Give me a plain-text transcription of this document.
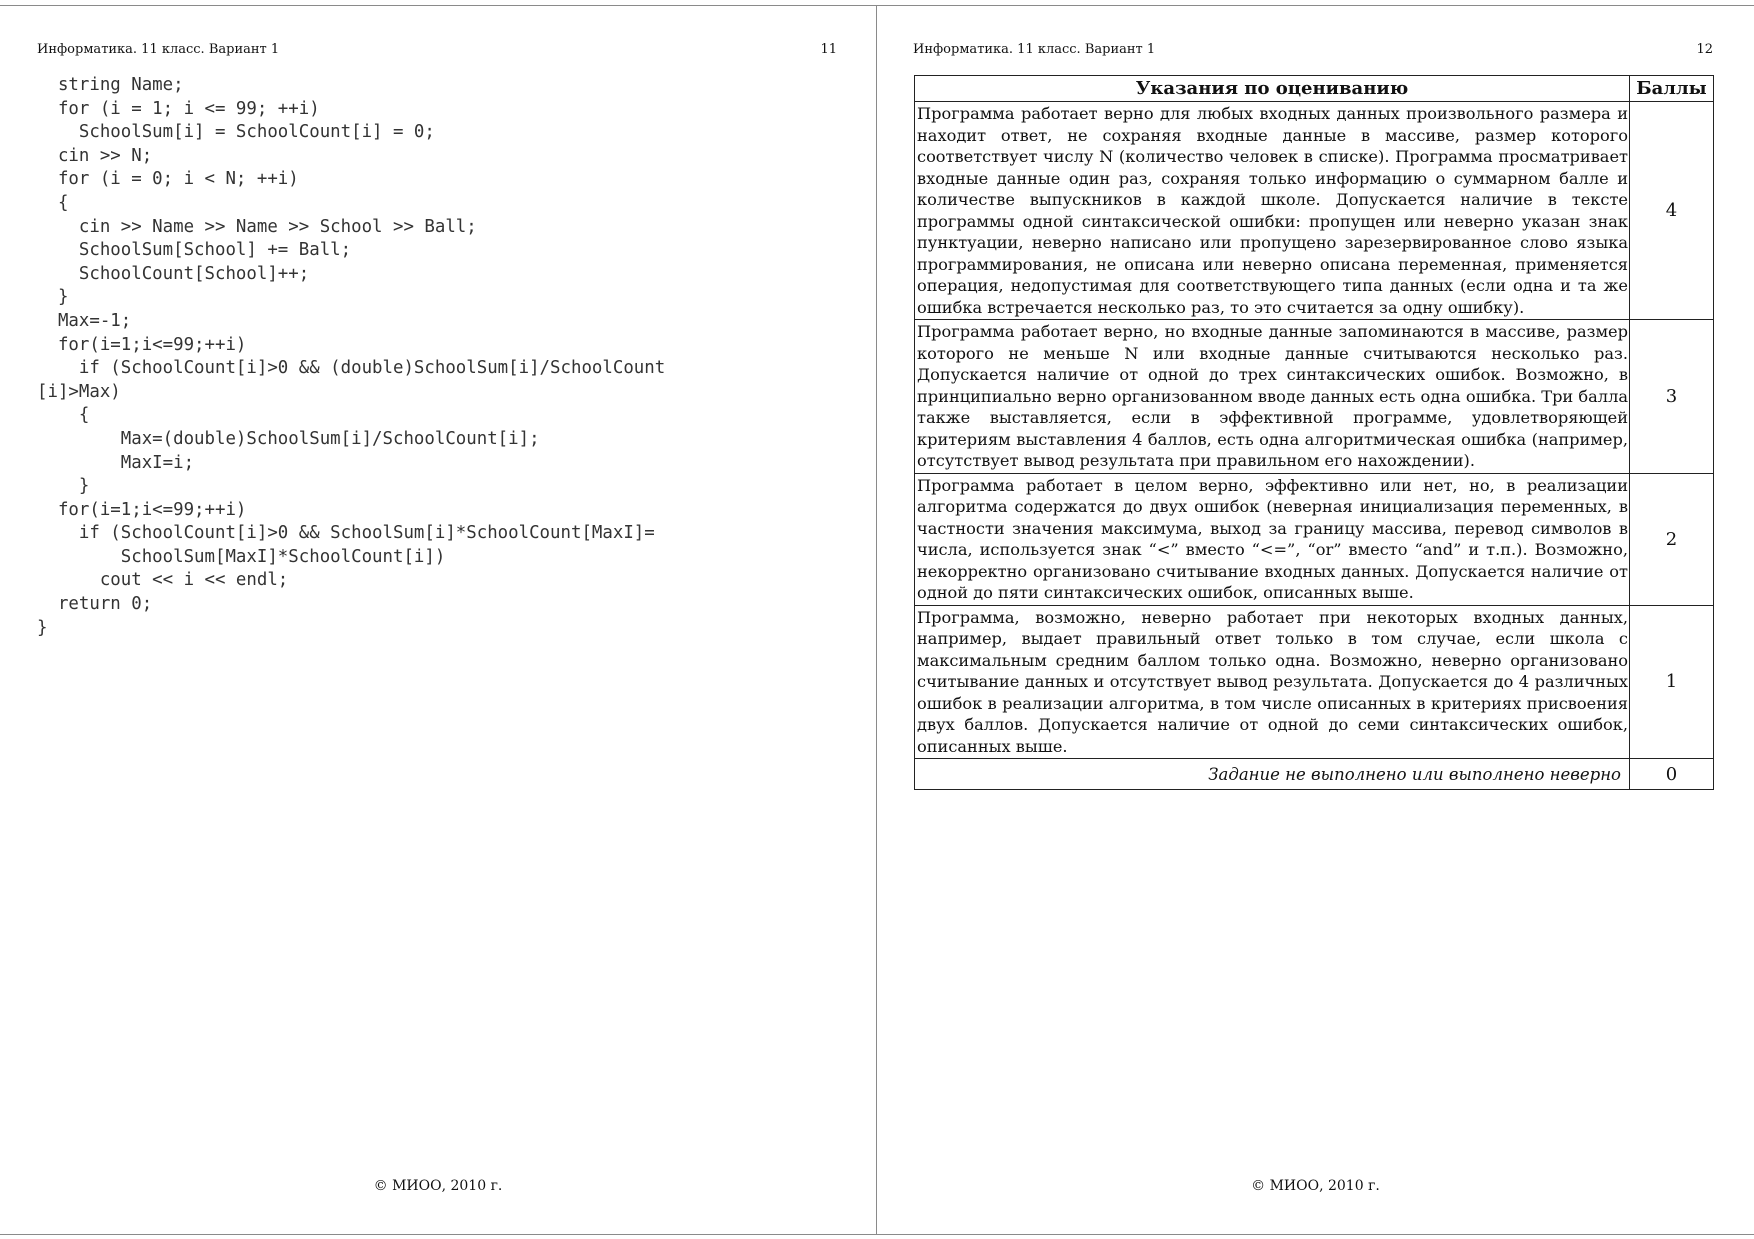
Информатика. 11 класс. Вариант 1	11
string Name;
for (i = 1; i <= 99; ++i)
SchoolSum[i] = SchoolCount[i] = 0;
cin >> N;
for (i = 0; i < N; ++i)
{
cin >> Name >> Name >> School >> Ball;
SchoolSum[School] += Ball;
SchoolCount[School]++;
}
Max=-1;
for(i=1;i<=99;++i)
if (SchoolCount[i]>0 && (double)SchoolSum[i]/SchoolCount
[i]>Max)
{
Max=(double)SchoolSum[i]/SchoolCount[i];
MaxI=i;
}
for(i=1;i<=99;++i)
if (SchoolCount[i]>0 && SchoolSum[i]*SchoolCount[MaxI]=
SchoolSum[MaxI]*SchoolCount[i])
cout << i << endl;
return 0;
}
© МИОО, 2010 г.
Информатика. 11 класс. Вариант 1	12
Указания по оцениванию	Баллы
Программа работает верно для любых входных данных произвольного размера и находит ответ, не сохраняя входные данные в массиве, размер которого соответствует числу N (количество человек в списке). Программа просматривает входные данные один раз, сохраняя только информацию о суммарном балле и количестве выпускников в каждой школе. Допускается наличие в тексте программы одной синтаксической ошибки: пропущен или неверно указан знак пунктуации, неверно написано или пропущено зарезервированное слово языка программирования, не описана или неверно описана переменная, применяется операция, недопустимая для соответствующего типа данных (если одна и та же ошибка встречается несколько раз, то это считается за одну ошибку).	4
Программа работает верно, но входные данные запоминаются в массиве, размер которого не меньше N или входные данные считываются несколько раз. Допускается наличие от одной до трех синтаксических ошибок. Возможно, в принципиально верно организованном вводе данных есть одна ошибка. Три балла также выставляется, если в эффективной программе, удовлетворяющей критериям выставления 4 баллов, есть одна алгоритмическая ошибка (например, отсутствует вывод результата при правильном его нахождении).	3
Программа работает в целом верно, эффективно или нет, но, в реализации алгоритма содержатся до двух ошибок (неверная инициализация переменных, в частности значения максимума, выход за границу массива, перевод символов в числа, используется знак “<” вместо “<=”, “or” вместо “and” и т.п.). Возможно, некорректно организовано считывание входных данных. Допускается наличие от одной до пяти синтаксических ошибок, описанных выше.	2
Программа, возможно, неверно работает при некоторых входных данных, например, выдает правильный ответ только в том случае, если школа с максимальным средним баллом только одна. Возможно, неверно организовано считывание данных и отсутствует вывод результата. Допускается до 4 различных ошибок в реализации алгоритма, в том числе описанных в критериях присвоения двух баллов. Допускается наличие от одной до семи синтаксических ошибок, описанных выше.	1
Задание не выполнено или выполнено неверно	0
© МИОО, 2010 г.
